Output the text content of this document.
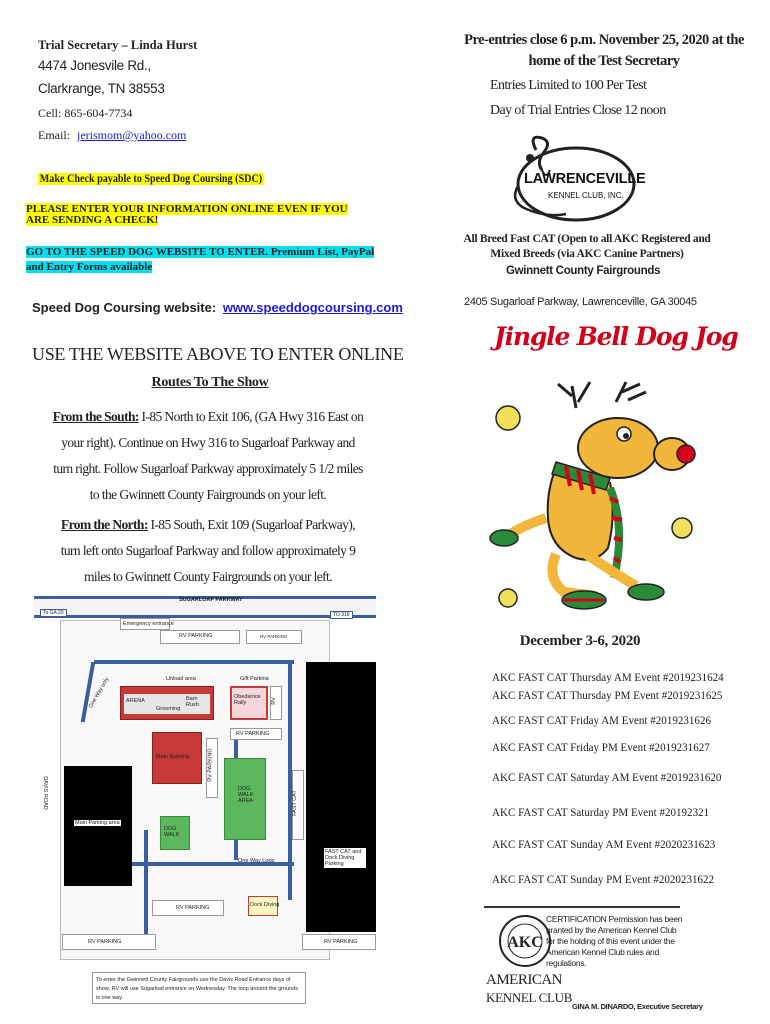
Trial Secretary – Linda Hurst
4474 Jonesvile Rd.,
Clarkrange, TN 38553
Cell: 865-604-7734
Email: jerismom@yahoo.com
Make Check payable to Speed Dog Coursing (SDC)
PLEASE ENTER YOUR INFORMATION ONLINE EVEN IF YOU ARE SENDING A CHECK!
GO TO THE SPEED DOG WEBSITE TO ENTER. Premium List, PayPal and Entry Forms available
Speed Dog Coursing website: www.speeddogcoursing.com
USE THE WEBSITE ABOVE TO ENTER ONLINE
Routes To The Show
From the South: I-85 North to Exit 106, (GA Hwy 316 East on your right). Continue on Hwy 316 to Sugarloaf Parkway and turn right. Follow Sugarloaf Parkway approximately 5 1/2 miles to the Gwinnett County Fairgrounds on your left.
From the North: I-85 South, Exit 109 (Sugarloaf Parkway), turn left onto Sugarloaf Parkway and follow approximately 9 miles to Gwinnett County Fairgrounds on your left.
SUGARLOAF PARKWAY
To GA 20	TO 316
Emergency entrance
RV PARKING	RV PARKING
One Way only	Unload area	Gift Parkina
ARENA
Grooming
Barn Rush
Obedience Rally	RV
RV PARKING
Main Building	RV PARKING
DOG WALK AREA	FAST CAT
DAVIS ROAD
Main Parking area
DOG WALK
One Way Loop
FAST CAT and Dock Diving Parking
RV PARKING	Dock Diving
RV PARKING	RV PARKING
To enter the Gwinnett County Fairgrounds use the Davis Road Entrance days of show, RV will use Sugarloaf entrance on Wednesday. The loop around the grounds is one way.
Pre-entries close 6 p.m. November 25, 2020 at the home of the Test Secretary
Entries Limited to 100 Per Test
Day of Trial Entries Close 12 noon
LAWRENCEVILLE
KENNEL CLUB, INC.
All Breed Fast CAT (Open to all AKC Registered and Mixed Breeds (via AKC Canine Partners)
Gwinnett County Fairgrounds
2405 Sugarloaf Parkway, Lawrenceville, GA 30045
Jingle Bell Dog Jog
December 3-6, 2020
AKC FAST CAT Thursday AM Event #2019231624
AKC FAST CAT Thursday PM Event #2019231625
AKC FAST CAT Friday AM Event #2019231626
AKC FAST CAT Friday PM Event #2019231627
AKC FAST CAT Saturday AM Event #2019231620
AKC FAST CAT Saturday PM Event #20192321
AKC FAST CAT Sunday AM Event #2020231623
AKC FAST CAT Sunday PM Event #2020231622
AKC
AMERICAN
KENNEL CLUB
CERTIFICATION Permission has been granted by the American Kennel Club for the holding of this event under the American Kennel Club rules and regulations.
GINA M. DINARDO, Executive Secretary
